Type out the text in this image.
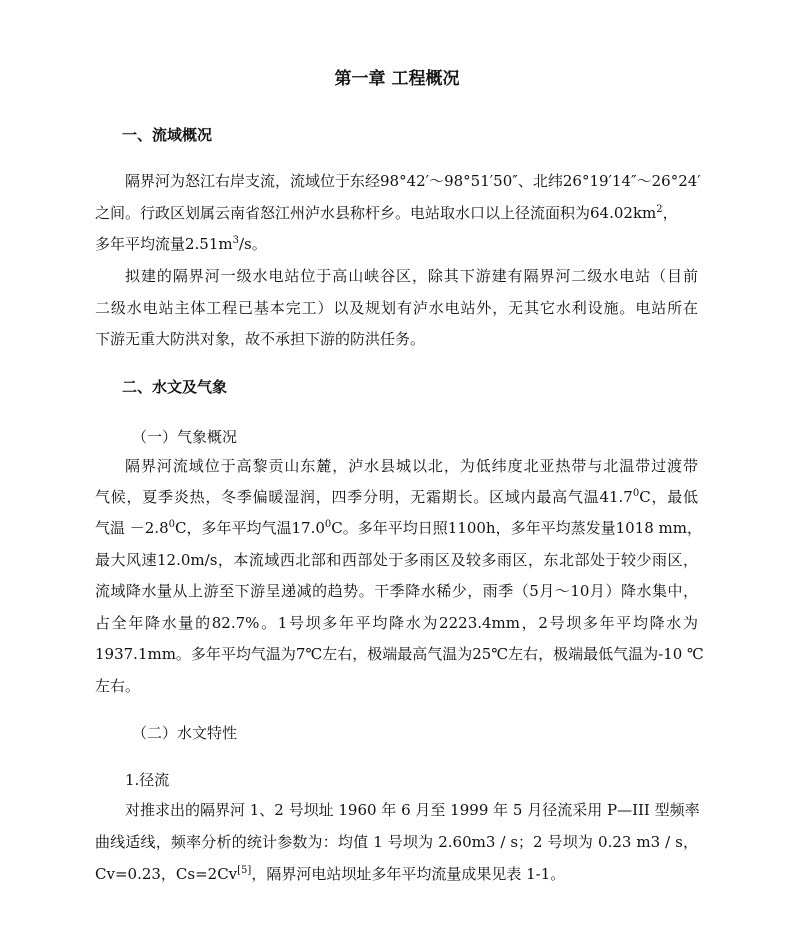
第一章 工程概况
一、流域概况
隔界河为怒江右岸支流，流域位于东经98°42′～98°51′50″、北纬26°19′14″～26°24′
之间。行政区划属云南省怒江州泸水县称杆乡。电站取水口以上径流面积为$64.02km^2$，
多年平均流量$2.51m^3/s$。
拟建的隔界河一级水电站位于高山峡谷区，除其下游建有隔界河二级水电站（目前
二级水电站主体工程已基本完工）以及规划有泸水电站外，无其它水利设施。电站所在
下游无重大防洪对象，故不承担下游的防洪任务。
二、水文及气象
（一）气象概况
隔界河流域位于高黎贡山东麓，泸水县城以北，为低纬度北亚热带与北温带过渡带
气候，夏季炎热，冬季偏暖湿润，四季分明，无霜期长。区域内最高气温41.7$^0$C，最低
气温 $-2.8^0C$，多年平均气温17.0$^0$C。多年平均日照1100h，多年平均蒸发量1018 mm，
最大风速12.0m/s，本流域西北部和西部处于多雨区及较多雨区，东北部处于较少雨区，
流域降水量从上游至下游呈递减的趋势。干季降水稀少，雨季（5月～10月）降水集中，
占全年降水量的82.7%。1号坝多年平均降水为2223.4mm，2号坝多年平均降水为
1937.1mm。多年平均气温为7℃左右，极端最高气温为25℃左右，极端最低气温为-10 ℃
左右。
（二）水文特性
1.径流
对推求出的隔界河 1、2 号坝址 1960 年 6 月至 1999 年 5 月径流采用 P—III 型频率
曲线适线，频率分析的统计参数为：均值 1 号坝为 2.60m3 / s；2 号坝为 0.23 m3 / s，
Cv=0.23，Cs=2Cv[5]，隔界河电站坝址多年平均流量成果见表 1-1。
